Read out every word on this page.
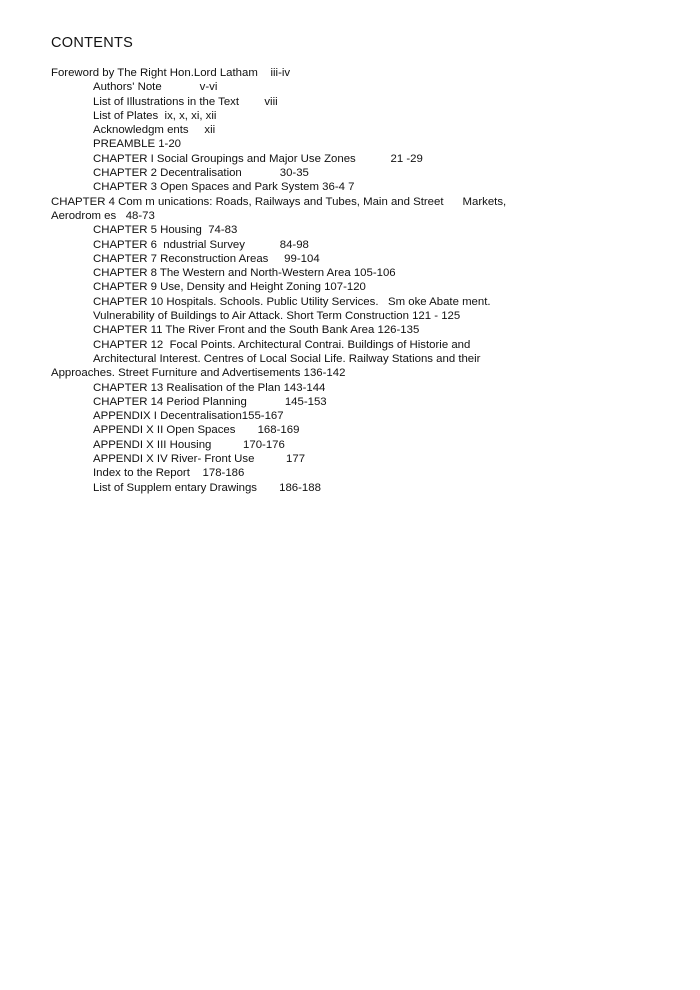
CONTENTS
Foreword by The Right Hon.Lord Latham    iii-iv
Authors' Note            v-vi
List of Illustrations in the Text        viii
List of Plates  ix, x, xi, xii
Acknowledgm ents     xii
PREAMBLE 1-20
CHAPTER I Social Groupings and Major Use Zones           21 -29
CHAPTER 2 Decentralisation            30-35
CHAPTER 3 Open Spaces and Park System 36-4 7
CHAPTER 4 Com m unications: Roads, Railways and Tubes, Main and Street      Markets,
Aerodrom es   48-73
CHAPTER 5 Housing  74-83
CHAPTER 6  ndustrial Survey           84-98
CHAPTER 7 Reconstruction Areas     99-104
CHAPTER 8 The Western and North-Western Area 105-106
CHAPTER 9 Use, Density and Height Zoning 107-120
CHAPTER 10 Hospitals. Schools. Public Utility Services.   Sm oke Abate ment.
Vulnerability of Buildings to Air Attack. Short Term Construction 121 - 125
CHAPTER 11 The River Front and the South Bank Area 126-135
CHAPTER 12  Focal Points. Architectural Contrai. Buildings of Historie and
Architectural Interest. Centres of Local Social Life. Railway Stations and their
Approaches. Street Furniture and Advertisements 136-142
CHAPTER 13 Realisation of the Plan 143-144
CHAPTER 14 Period Planning            145-153
APPENDIX I Decentralisation155-167
APPENDI X II Open Spaces       168-169
APPENDI X III Housing          170-176
APPENDI X IV River- Front Use          177
Index to the Report    178-186
List of Supplem entary Drawings       186-188
